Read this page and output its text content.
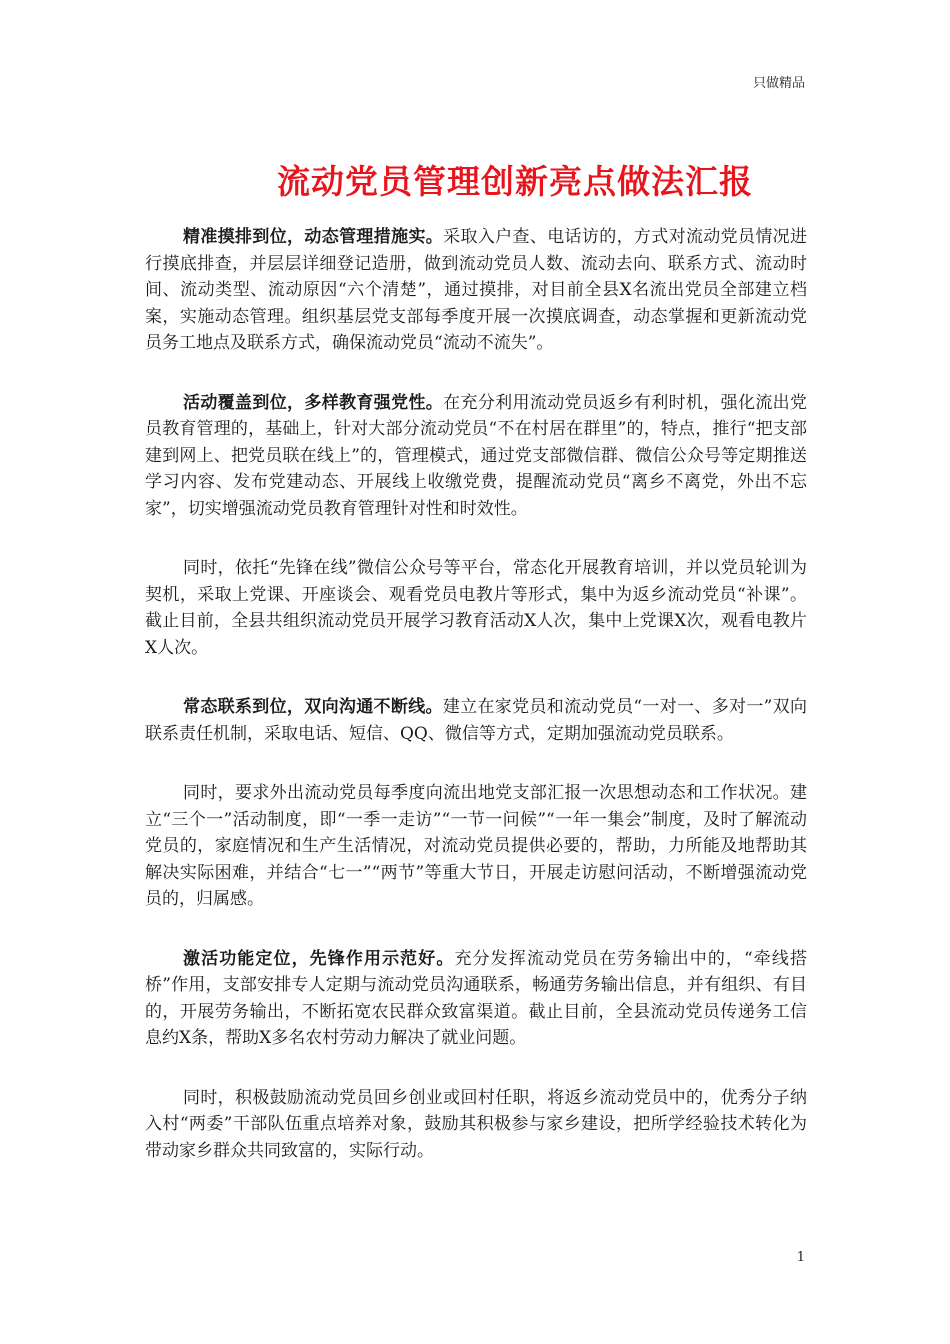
只做精品
流动党员管理创新亮点做法汇报

精准摸排到位，动态管理措施实。采取入户查、电话访的，方式对流动党员情况进行摸底排查，并层层详细登记造册，做到流动党员人数、流动去向、联系方式、流动时间、流动类型、流动原因“六个清楚”，通过摸排，对目前全县X名流出党员全部建立档案，实施动态管理。组织基层党支部每季度开展一次摸底调查，动态掌握和更新流动党员务工地点及联系方式，确保流动党员“流动不流失”。

活动覆盖到位，多样教育强党性。在充分利用流动党员返乡有利时机，强化流出党员教育管理的，基础上，针对大部分流动党员“不在村居在群里”的，特点，推行“把支部建到网上、把党员联在线上”的，管理模式，通过党支部微信群、微信公众号等定期推送学习内容、发布党建动态、开展线上收缴党费，提醒流动党员“离乡不离党，外出不忘家”，切实增强流动党员教育管理针对性和时效性。

同时，依托“先锋在线”微信公众号等平台，常态化开展教育培训，并以党员轮训为契机，采取上党课、开座谈会、观看党员电教片等形式，集中为返乡流动党员“补课”。截止目前，全县共组织流动党员开展学习教育活动X人次，集中上党课X次，观看电教片X人次。

常态联系到位，双向沟通不断线。建立在家党员和流动党员“一对一、多对一”双向联系责任机制，采取电话、短信、QQ、微信等方式，定期加强流动党员联系。

同时，要求外出流动党员每季度向流出地党支部汇报一次思想动态和工作状况。建立“三个一”活动制度，即“一季一走访”“一节一问候”“一年一集会”制度，及时了解流动党员的，家庭情况和生产生活情况，对流动党员提供必要的，帮助，力所能及地帮助其解决实际困难，并结合“七一”“两节”等重大节日，开展走访慰问活动，不断增强流动党员的，归属感。

激活功能定位，先锋作用示范好。充分发挥流动党员在劳务输出中的，“牵线搭桥”作用，支部安排专人定期与流动党员沟通联系，畅通劳务输出信息，并有组织、有目的，开展劳务输出，不断拓宽农民群众致富渠道。截止目前，全县流动党员传递务工信息约X条，帮助X多名农村劳动力解决了就业问题。

同时，积极鼓励流动党员回乡创业或回村任职，将返乡流动党员中的，优秀分子纳入村“两委”干部队伍重点培养对象，鼓励其积极参与家乡建设，把所学经验技术转化为带动家乡群众共同致富的，实际行动。

1
